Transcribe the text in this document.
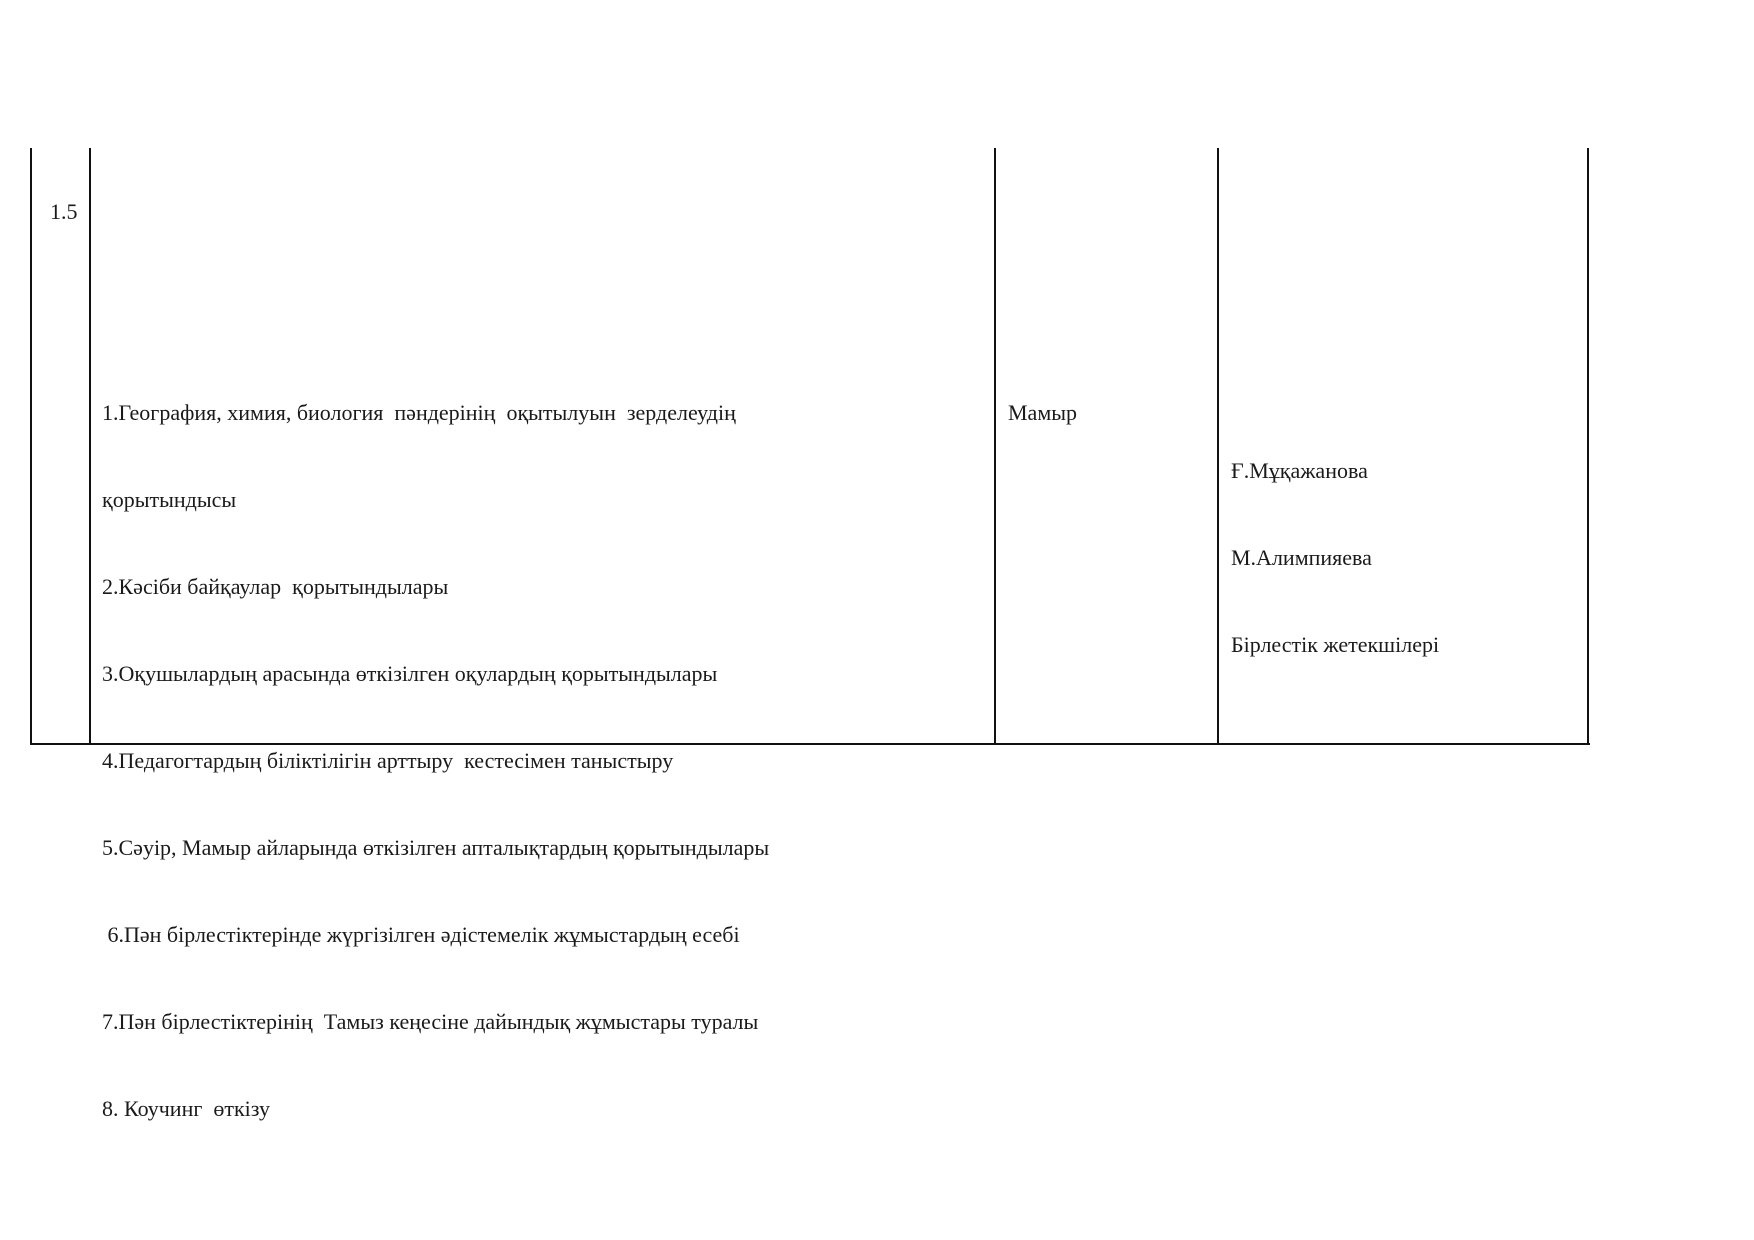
1.5

1.География, химия, биология  пәндерінің  оқытылуын  зерделеудің

қорытындысы

2.Кәсіби байқаулар  қорытындылары

3.Оқушылардың арасында өткізілген оқулардың қорытындылары

4.Педагогтардың біліктілігін арттыру  кестесімен таныстыру

5.Сәуір, Мамыр айларында өткізілген апталықтардың қорытындылары

6.Пән бірлестіктерінде жүргізілген әдістемелік жұмыстардың есебі

7.Пән бірлестіктерінің  Тамыз кеңесіне дайындық жұмыстары туралы

8. Коучинг  өткізу

Мамыр

Ғ.Мұқажанова

М.Алимпияева

Бірлестік жетекшілері
